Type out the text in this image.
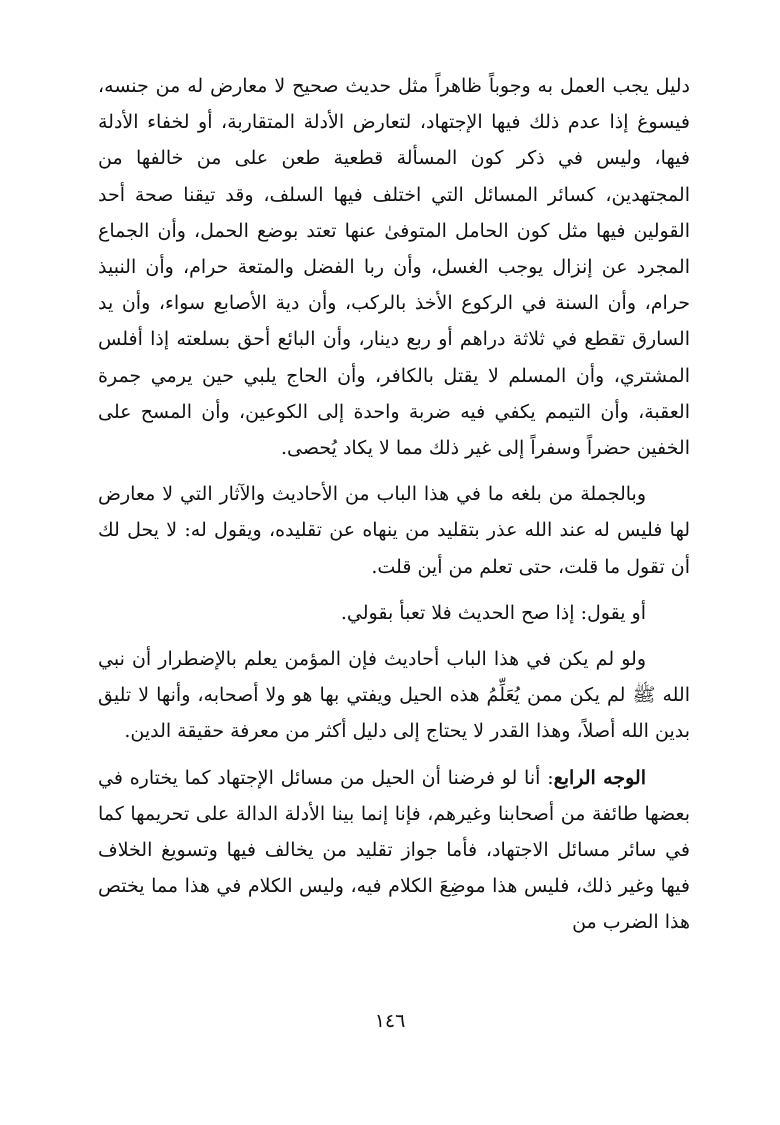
دليل يجب العمل به وجوباً ظاهراً مثل حديث صحيح لا معارض له من جنسه، فيسوغ إذا عدم ذلك فيها الإجتهاد، لتعارض الأدلة المتقاربة، أو لخفاء الأدلة فيها، وليس في ذكر كون المسألة قطعية طعن على من خالفها من المجتهدين، كسائر المسائل التي اختلف فيها السلف، وقد تيقنا صحة أحد القولين فيها مثل كون الحامل المتوفىٰ عنها تعتد بوضع الحمل، وأن الجماع المجرد عن إنزال يوجب الغسل، وأن ربا الفضل والمتعة حرام، وأن النبيذ حرام، وأن السنة في الركوع الأخذ بالركب، وأن دية الأصابع سواء، وأن يد السارق تقطع في ثلاثة دراهم أو ربع دينار، وأن البائع أحق بسلعته إذا أفلس المشتري، وأن المسلم لا يقتل بالكافر، وأن الحاج يلبي حين يرمي جمرة العقبة، وأن التيمم يكفي فيه ضربة واحدة إلى الكوعين، وأن المسح على الخفين حضراً وسفراً إلى غير ذلك مما لا يكاد يُحصى.

وبالجملة من بلغه ما في هذا الباب من الأحاديث والآثار التي لا معارض لها فليس له عند الله عذر بتقليد من ينهاه عن تقليده، ويقول له: لا يحل لك أن تقول ما قلت، حتى تعلم من أين قلت.

أو يقول: إذا صح الحديث فلا تعبأ بقولي.

ولو لم يكن في هذا الباب أحاديث فإن المؤمن يعلم بالإضطرار أن نبي الله ﷺ لم يكن ممن يُعَلِّمُ هذه الحيل ويفتي بها هو ولا أصحابه، وأنها لا تليق بدين الله أصلاً، وهذا القدر لا يحتاج إلى دليل أكثر من معرفة حقيقة الدين.

الوجه الرابع: أنا لو فرضنا أن الحيل من مسائل الإجتهاد كما يختاره في بعضها طائفة من أصحابنا وغيرهم، فإنا إنما بينا الأدلة الدالة على تحريمها كما في سائر مسائل الاجتهاد، فأما جواز تقليد من يخالف فيها وتسويغ الخلاف فيها وغير ذلك، فليس هذا موضِعَ الكلام فيه، وليس الكلام في هذا مما يختص هذا الضرب من

١٤٦
